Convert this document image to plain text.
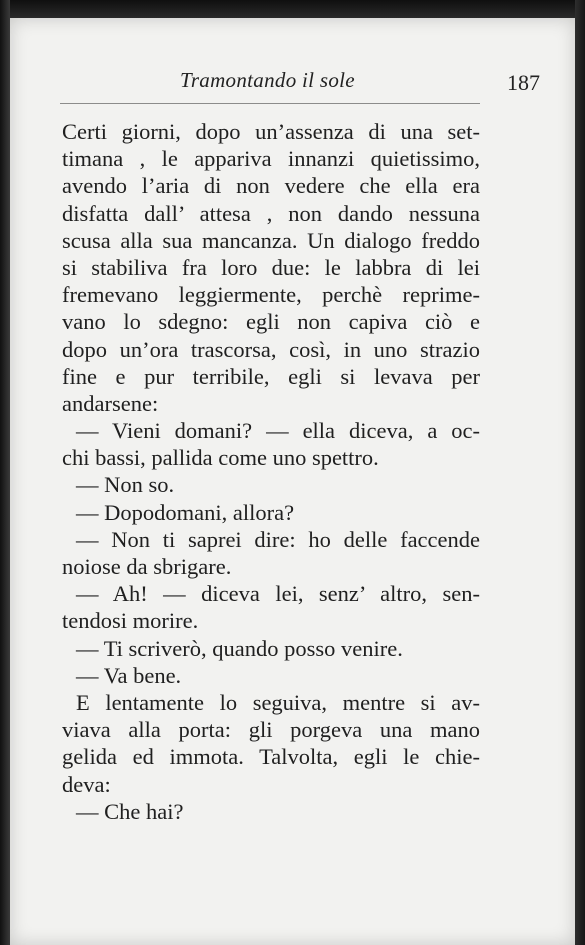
Tramontando il sole	187
Certi giorni, dopo un’assenza di una set-
timana , le appariva innanzi quietissimo,
avendo l’aria di non vedere che ella era
disfatta dall’ attesa , non dando nessuna
scusa alla sua mancanza. Un dialogo freddo
si stabiliva fra loro due: le labbra di lei
fremevano leggiermente, perchè reprime-
vano lo sdegno: egli non capiva ciò e
dopo un’ora trascorsa, così, in uno strazio
fine e pur terribile, egli si levava per
andarsene:
— Vieni domani? — ella diceva, a oc-
chi bassi, pallida come uno spettro.
— Non so.
— Dopodomani, allora?
— Non ti saprei dire: ho delle faccende
noiose da sbrigare.
— Ah! — diceva lei, senz’ altro, sen-
tendosi morire.
— Ti scriverò, quando posso venire.
— Va bene.
E lentamente lo seguiva, mentre si av-
viava alla porta: gli porgeva una mano
gelida ed immota. Talvolta, egli le chie-
deva:
— Che hai?
